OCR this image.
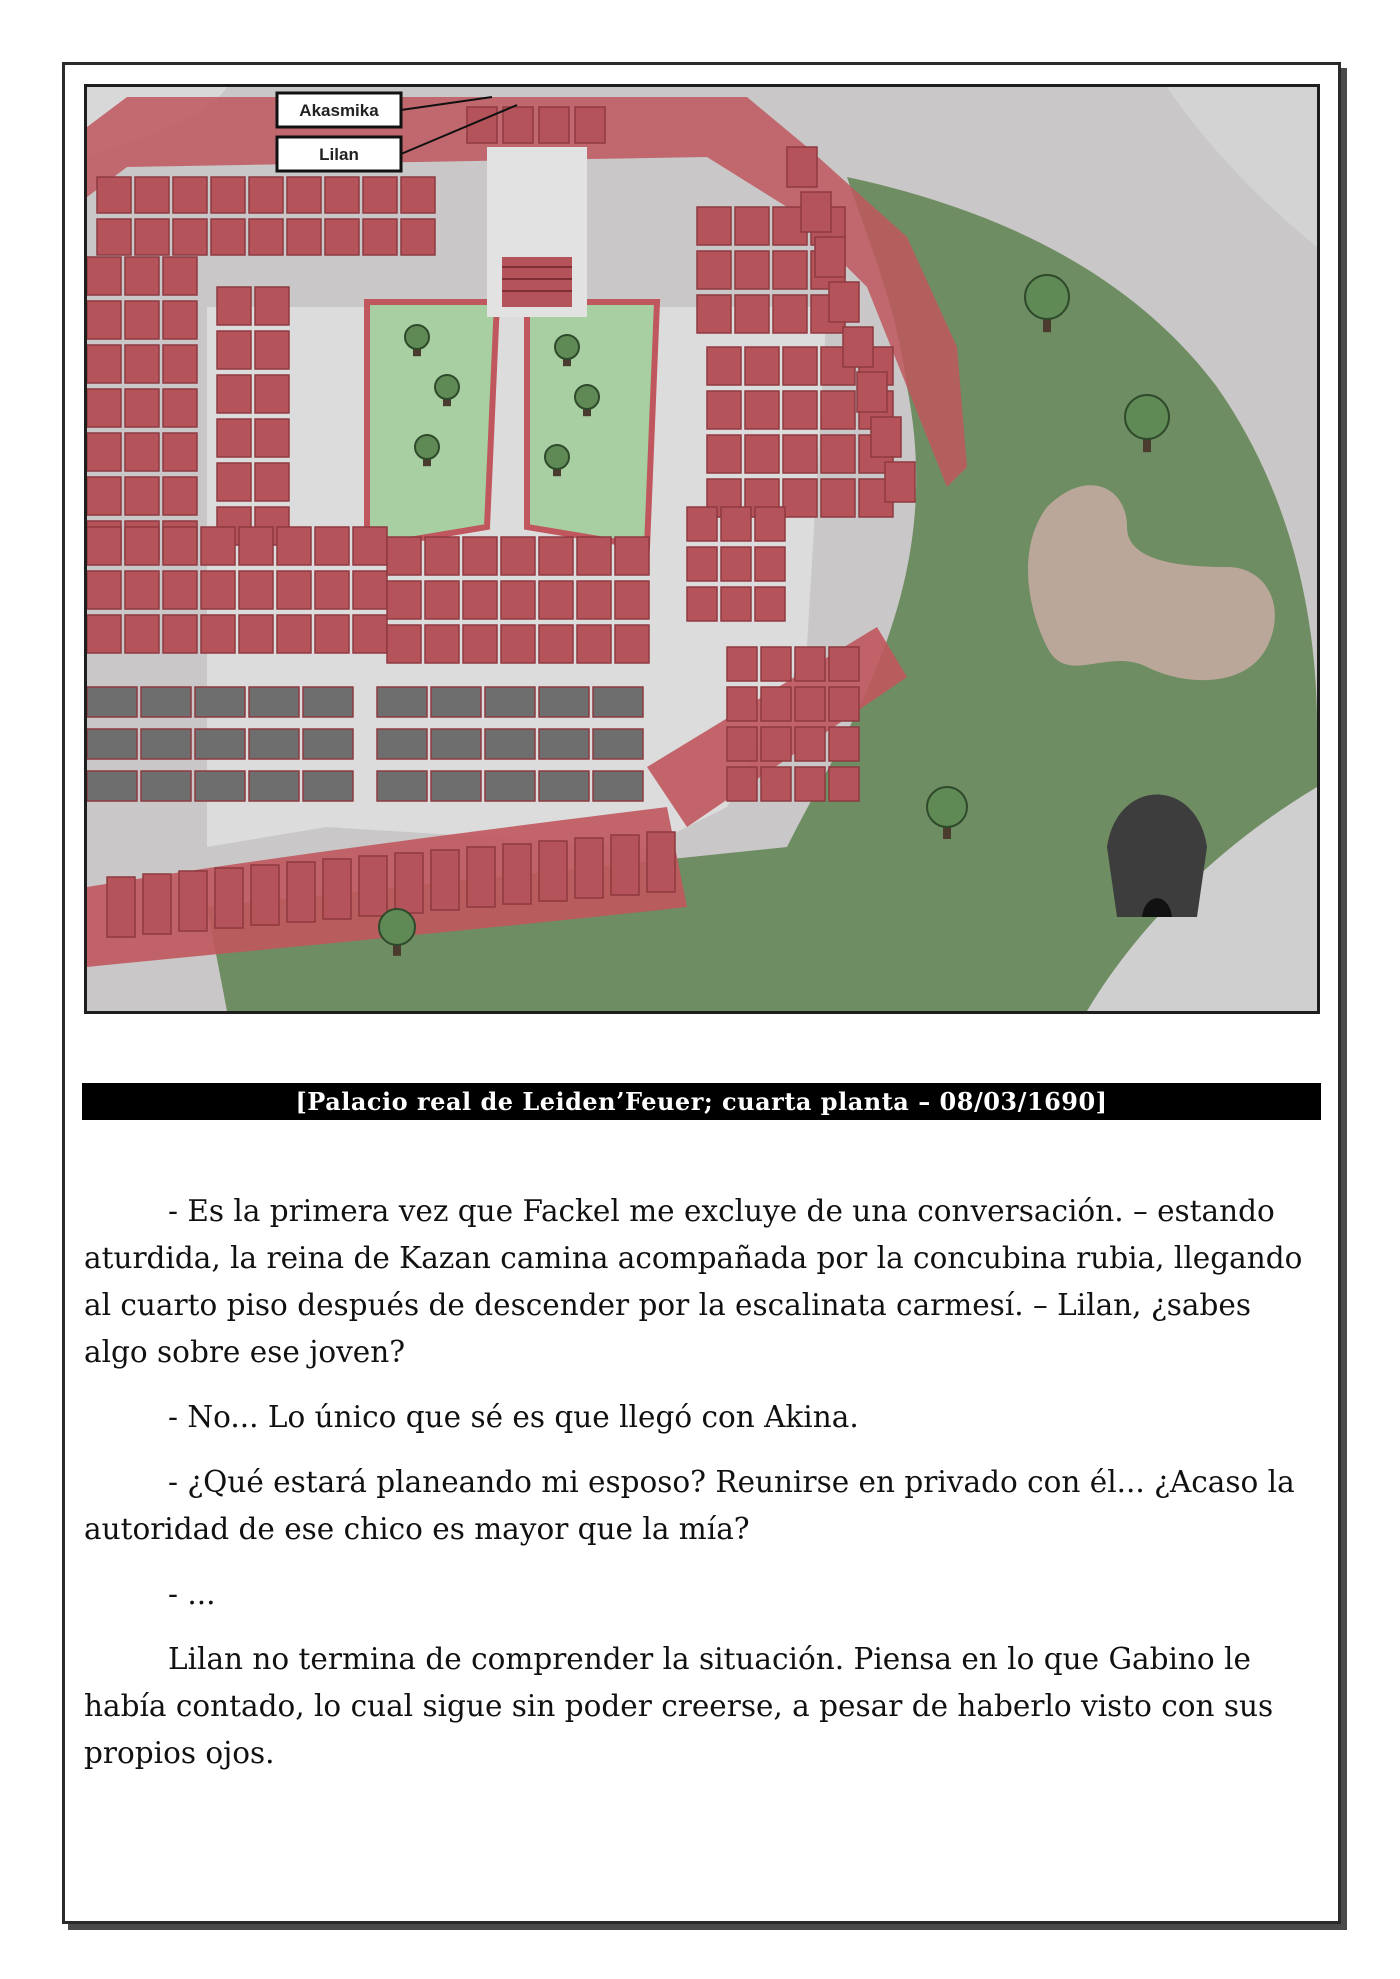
Akasmika
Lilan
[Palacio real de Leiden’Feuer; cuarta planta – 08/03/1690]

- Es la primera vez que Fackel me excluye de una conversación. – estando aturdida, la reina de Kazan camina acompañada por la concubina rubia, llegando al cuarto piso después de descender por la escalinata carmesí. – Lilan, ¿sabes algo sobre ese joven?

- No... Lo único que sé es que llegó con Akina.

- ¿Qué estará planeando mi esposo? Reunirse en privado con él... ¿Acaso la autoridad de ese chico es mayor que la mía?

- ...

Lilan no termina de comprender la situación. Piensa en lo que Gabino le había contado, lo cual sigue sin poder creerse, a pesar de haberlo visto con sus propios ojos.
